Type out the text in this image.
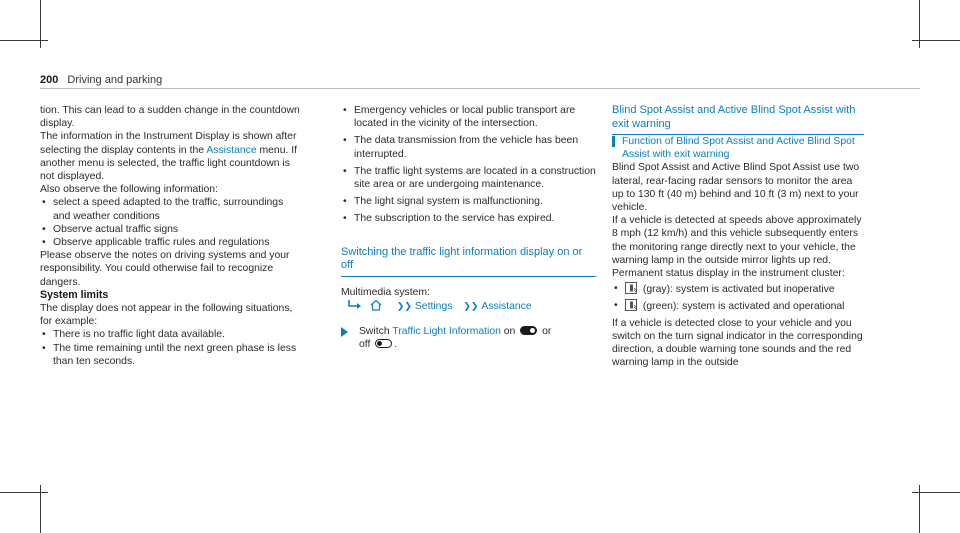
200 Driving and parking

tion. This can lead to a sudden change in the countdown display.

The information in the Instrument Display is shown after selecting the display contents in the Assistance menu. If another menu is selected, the traffic light countdown is not displayed.

Also observe the following information:

• select a speed adapted to the traffic, surroundings and weather conditions
• Observe actual traffic signs
• Observe applicable traffic rules and regulations

Please observe the notes on driving systems and your responsibility. You could otherwise fail to recognize dangers.

System limits

The display does not appear in the following situations, for example:

• There is no traffic light data available.
• The time remaining until the next green phase is less than ten seconds.
• Emergency vehicles or local public transport are located in the vicinity of the intersection.
• The data transmission from the vehicle has been interrupted.
• The traffic light systems are located in a construction site area or are undergoing maintenance.
• The light signal system is malfunctioning.
• The subscription to the service has expired.

Switching the traffic light information display on or off

Multimedia system:

❯❯ Settings ❯❯ Assistance

Switch Traffic Light Information on  or
off .

Blind Spot Assist and Active Blind Spot Assist with exit warning

Function of Blind Spot Assist and Active Blind Spot Assist with exit warning

Blind Spot Assist and Active Blind Spot Assist use two lateral, rear-facing radar sensors to monitor the area up to 130 ft (40 m) behind and 10 ft (3 m) next to your vehicle.

If a vehicle is detected at speeds above approximately 8 mph (12 km/h) and this vehicle subsequently enters the monitoring range directly next to your vehicle, the warning lamp in the outside mirror lights up red.

Permanent status display in the instrument cluster:

• (gray): system is activated but inoperative
• (green): system is activated and operational

If a vehicle is detected close to your vehicle and you switch on the turn signal indicator in the corresponding direction, a double warning tone sounds and the red warning lamp in the outside
